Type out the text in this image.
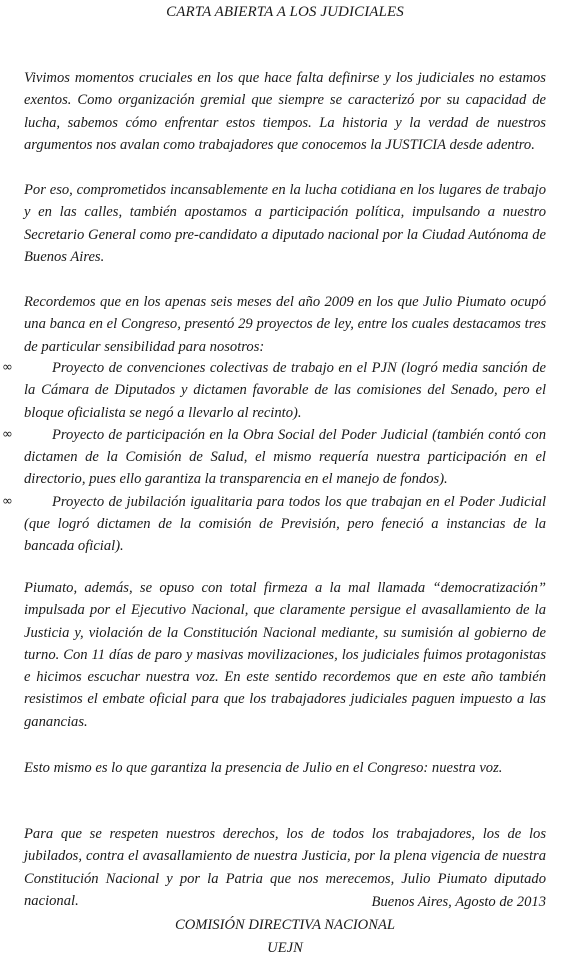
CARTA ABIERTA A LOS JUDICIALES
Vivimos momentos cruciales en los que hace falta definirse y los judiciales no estamos exentos. Como organización gremial que siempre se caracterizó por su capacidad de lucha, sabemos cómo enfrentar estos tiempos. La historia y la verdad de nuestros argumentos nos avalan como trabajadores que conocemos la JUSTICIA desde adentro.
Por eso, comprometidos incansablemente en la lucha cotidiana en los lugares de trabajo y en las calles, también apostamos a participación política, impulsando a nuestro Secretario General como pre-candidato a diputado nacional por la Ciudad Autónoma de Buenos Aires.
Recordemos que en los apenas seis meses del año 2009 en los que Julio Piumato ocupó una banca en el Congreso, presentó 29 proyectos de ley, entre los cuales destacamos tres de particular sensibilidad para nosotros:
∞	Proyecto de convenciones colectivas de trabajo en el PJN (logró media sanción de la Cámara de Diputados y dictamen favorable de las comisiones del Senado, pero el bloque oficialista se negó a llevarlo al recinto).
∞	Proyecto de participación en la Obra Social del Poder Judicial (también contó con dictamen de la Comisión de Salud, el mismo requería nuestra participación en el directorio, pues ello garantiza la transparencia en el manejo de fondos).
∞	Proyecto de jubilación igualitaria para todos los que trabajan en el Poder Judicial (que logró dictamen de la comisión de Previsión, pero feneció a instancias de la bancada oficial).
Piumato, además, se opuso con total firmeza a la mal llamada “democratización” impulsada por el Ejecutivo Nacional, que claramente persigue el avasallamiento de la Justicia y, violación de la Constitución Nacional mediante, su sumisión al gobierno de turno. Con 11 días de paro y masivas movilizaciones, los judiciales fuimos protagonistas e hicimos escuchar nuestra voz. En este sentido recordemos que en este año también resistimos el embate oficial para que los trabajadores judiciales paguen impuesto a las ganancias.
Esto mismo es lo que garantiza la presencia de Julio en el Congreso: nuestra voz.
Para que se respeten nuestros derechos, los de todos los trabajadores, los de los jubilados, contra el avasallamiento de nuestra Justicia, por la plena vigencia de nuestra Constitución Nacional y por la Patria que nos merecemos, Julio Piumato diputado nacional.	Buenos Aires, Agosto de 2013
COMISIÓN DIRECTIVA NACIONAL
UEJN
